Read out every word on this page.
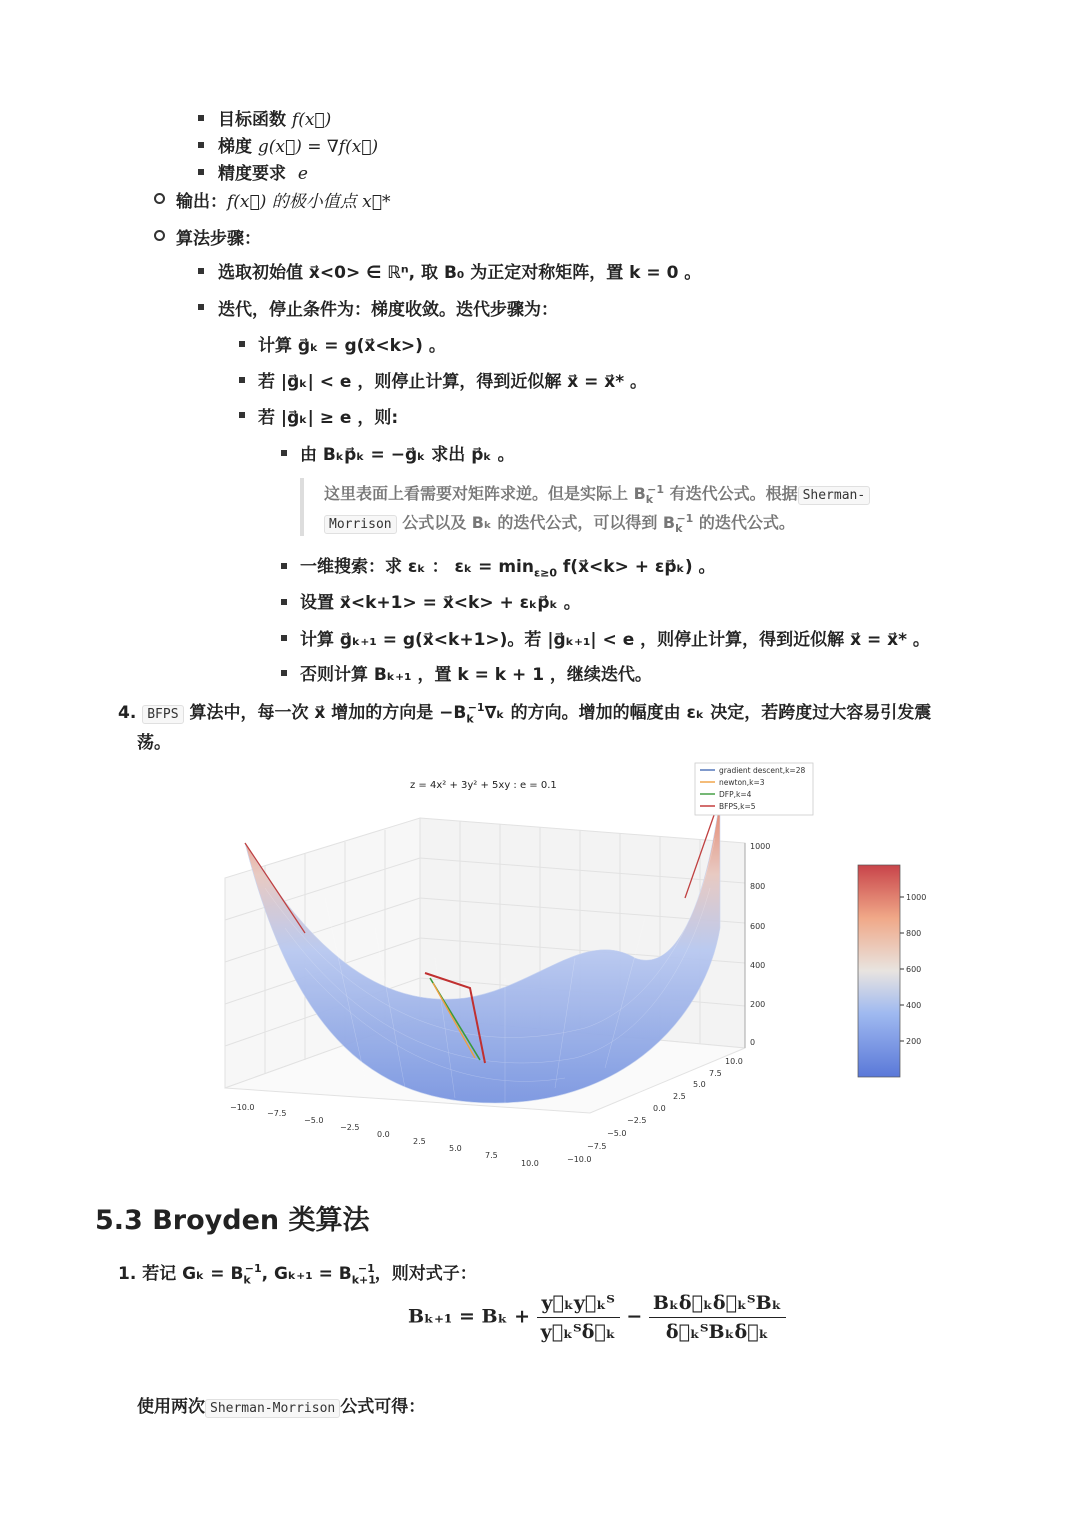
目标函数 f(x⃗)
梯度 g(x⃗) = ∇f(x⃗)
精度要求 e
输出：f(x⃗) 的极小值点 x⃗*
算法步骤：
选取初始值 x⃗<0> ∈ ℝⁿ, 取 B₀ 为正定对称矩阵，置 k = 0 。
迭代，停止条件为：梯度收敛。迭代步骤为：
计算 g⃗ₖ = g(x⃗<k>) 。
若 |g⃗ₖ| < e ，则停止计算，得到近似解 x⃗ = x⃗* 。
若 |g⃗ₖ| ≥ e ，则:
由 Bₖp⃗ₖ = −g⃗ₖ 求出 p⃗ₖ 。
这里表面上看需要对矩阵求逆。但是实际上 $B_k^{-1}$ 有迭代公式。根据 Sherman-
Morrison 公式以及 Bₖ 的迭代公式，可以得到 $B_k^{-1}$ 的迭代公式。
一维搜索：求 εₖ ： $\varepsilon_k = \min_{\varepsilon\ge 0}$ f(x⃗<k> + εp⃗ₖ) 。
设置 x⃗<k+1> = x⃗<k> + εₖp⃗ₖ 。
计算 g⃗ₖ₊₁ = g(x⃗<k+1>)。若 |g⃗ₖ₊₁| < e ，则停止计算，得到近似解 x⃗ = x⃗* 。
否则计算 Bₖ₊₁ ，置 k = k + 1 ，继续迭代。
4. BFPS 算法中，每一次 x⃗ 增加的方向是 $-B_k^{-1}\nabla_k$ 的方向。增加的幅度由 εₖ 决定，若跨度过大容易引发震
荡。
z = 4x² + 3y² + 5xy : e = 0.1
gradient descent,k=28
newton,k=3
DFP,k=4
BFPS,k=5
0
200
400
600
800
1000
−10.0
−7.5
−5.0
−2.5
0.0
2.5
5.0
7.5
10.0	−10.0
−7.5
−5.0
−2.5
0.0
2.5
5.0
7.5
10.0
200
400
600
800
1000
5.3 Broyden 类算法
1. 若记 $G_k = B_k^{-1}$, $G_{k+1} = B_{k+1}^{-1}$，则对式子：
$B_{k+1} = B_k + \frac{\text{y⃗ₖy⃗ₖᵀ}}{\text{y⃗ₖᵀδ⃗ₖ}} - \frac{\text{Bₖδ⃗ₖδ⃗ₖᵀBₖ}}{\text{δ⃗ₖᵀBₖδ⃗ₖ}}$
使用两次 Sherman-Morrison 公式可得：
